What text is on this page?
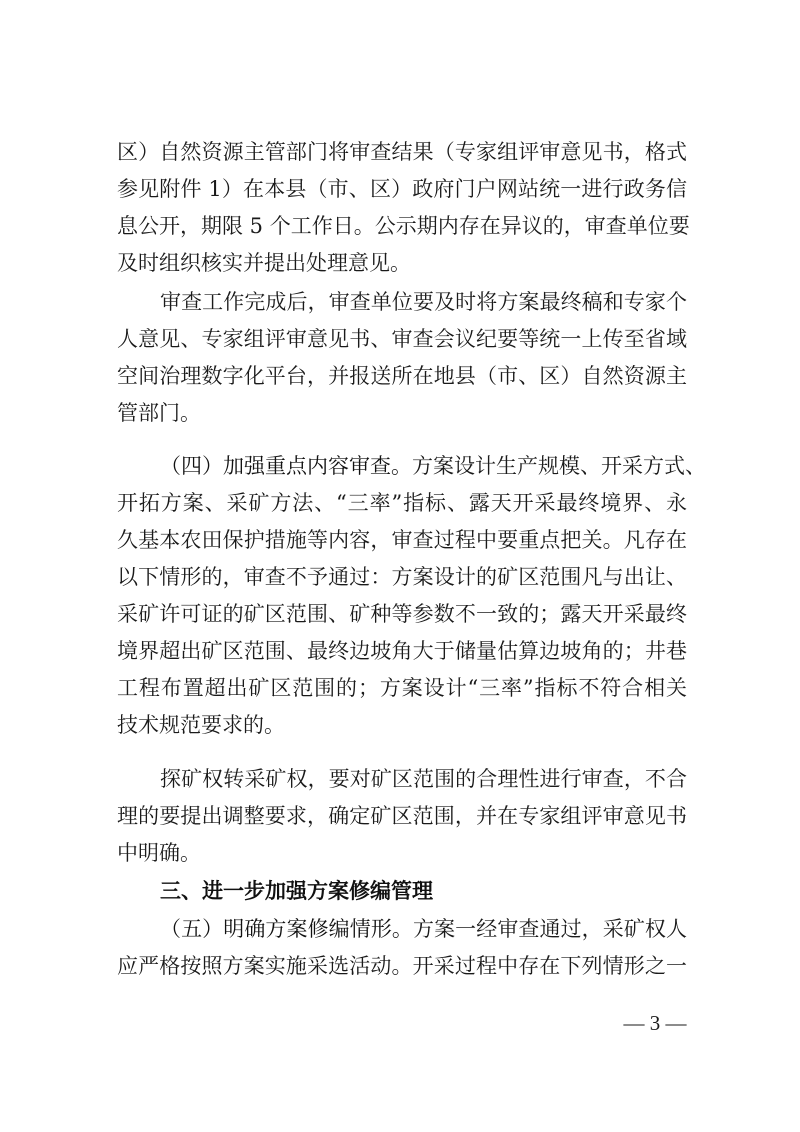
区）自然资源主管部门将审查结果（专家组评审意见书，格式
参见附件 1）在本县（市、区）政府门户网站统一进行政务信
息公开，期限 5 个工作日。公示期内存在异议的，审查单位要
及时组织核实并提出处理意见。
审查工作完成后，审查单位要及时将方案最终稿和专家个
人意见、专家组评审意见书、审查会议纪要等统一上传至省域
空间治理数字化平台，并报送所在地县（市、区）自然资源主
管部门。
（四）加强重点内容审查。方案设计生产规模、开采方式、
开拓方案、采矿方法、“三率”指标、露天开采最终境界、永
久基本农田保护措施等内容，审查过程中要重点把关。凡存在
以下情形的，审查不予通过：方案设计的矿区范围凡与出让、
采矿许可证的矿区范围、矿种等参数不一致的；露天开采最终
境界超出矿区范围、最终边坡角大于储量估算边坡角的；井巷
工程布置超出矿区范围的；方案设计“三率”指标不符合相关
技术规范要求的。
探矿权转采矿权，要对矿区范围的合理性进行审查，不合
理的要提出调整要求，确定矿区范围，并在专家组评审意见书
中明确。
三、进一步加强方案修编管理
（五）明确方案修编情形。方案一经审查通过，采矿权人
应严格按照方案实施采选活动。开采过程中存在下列情形之一
— 3 —
